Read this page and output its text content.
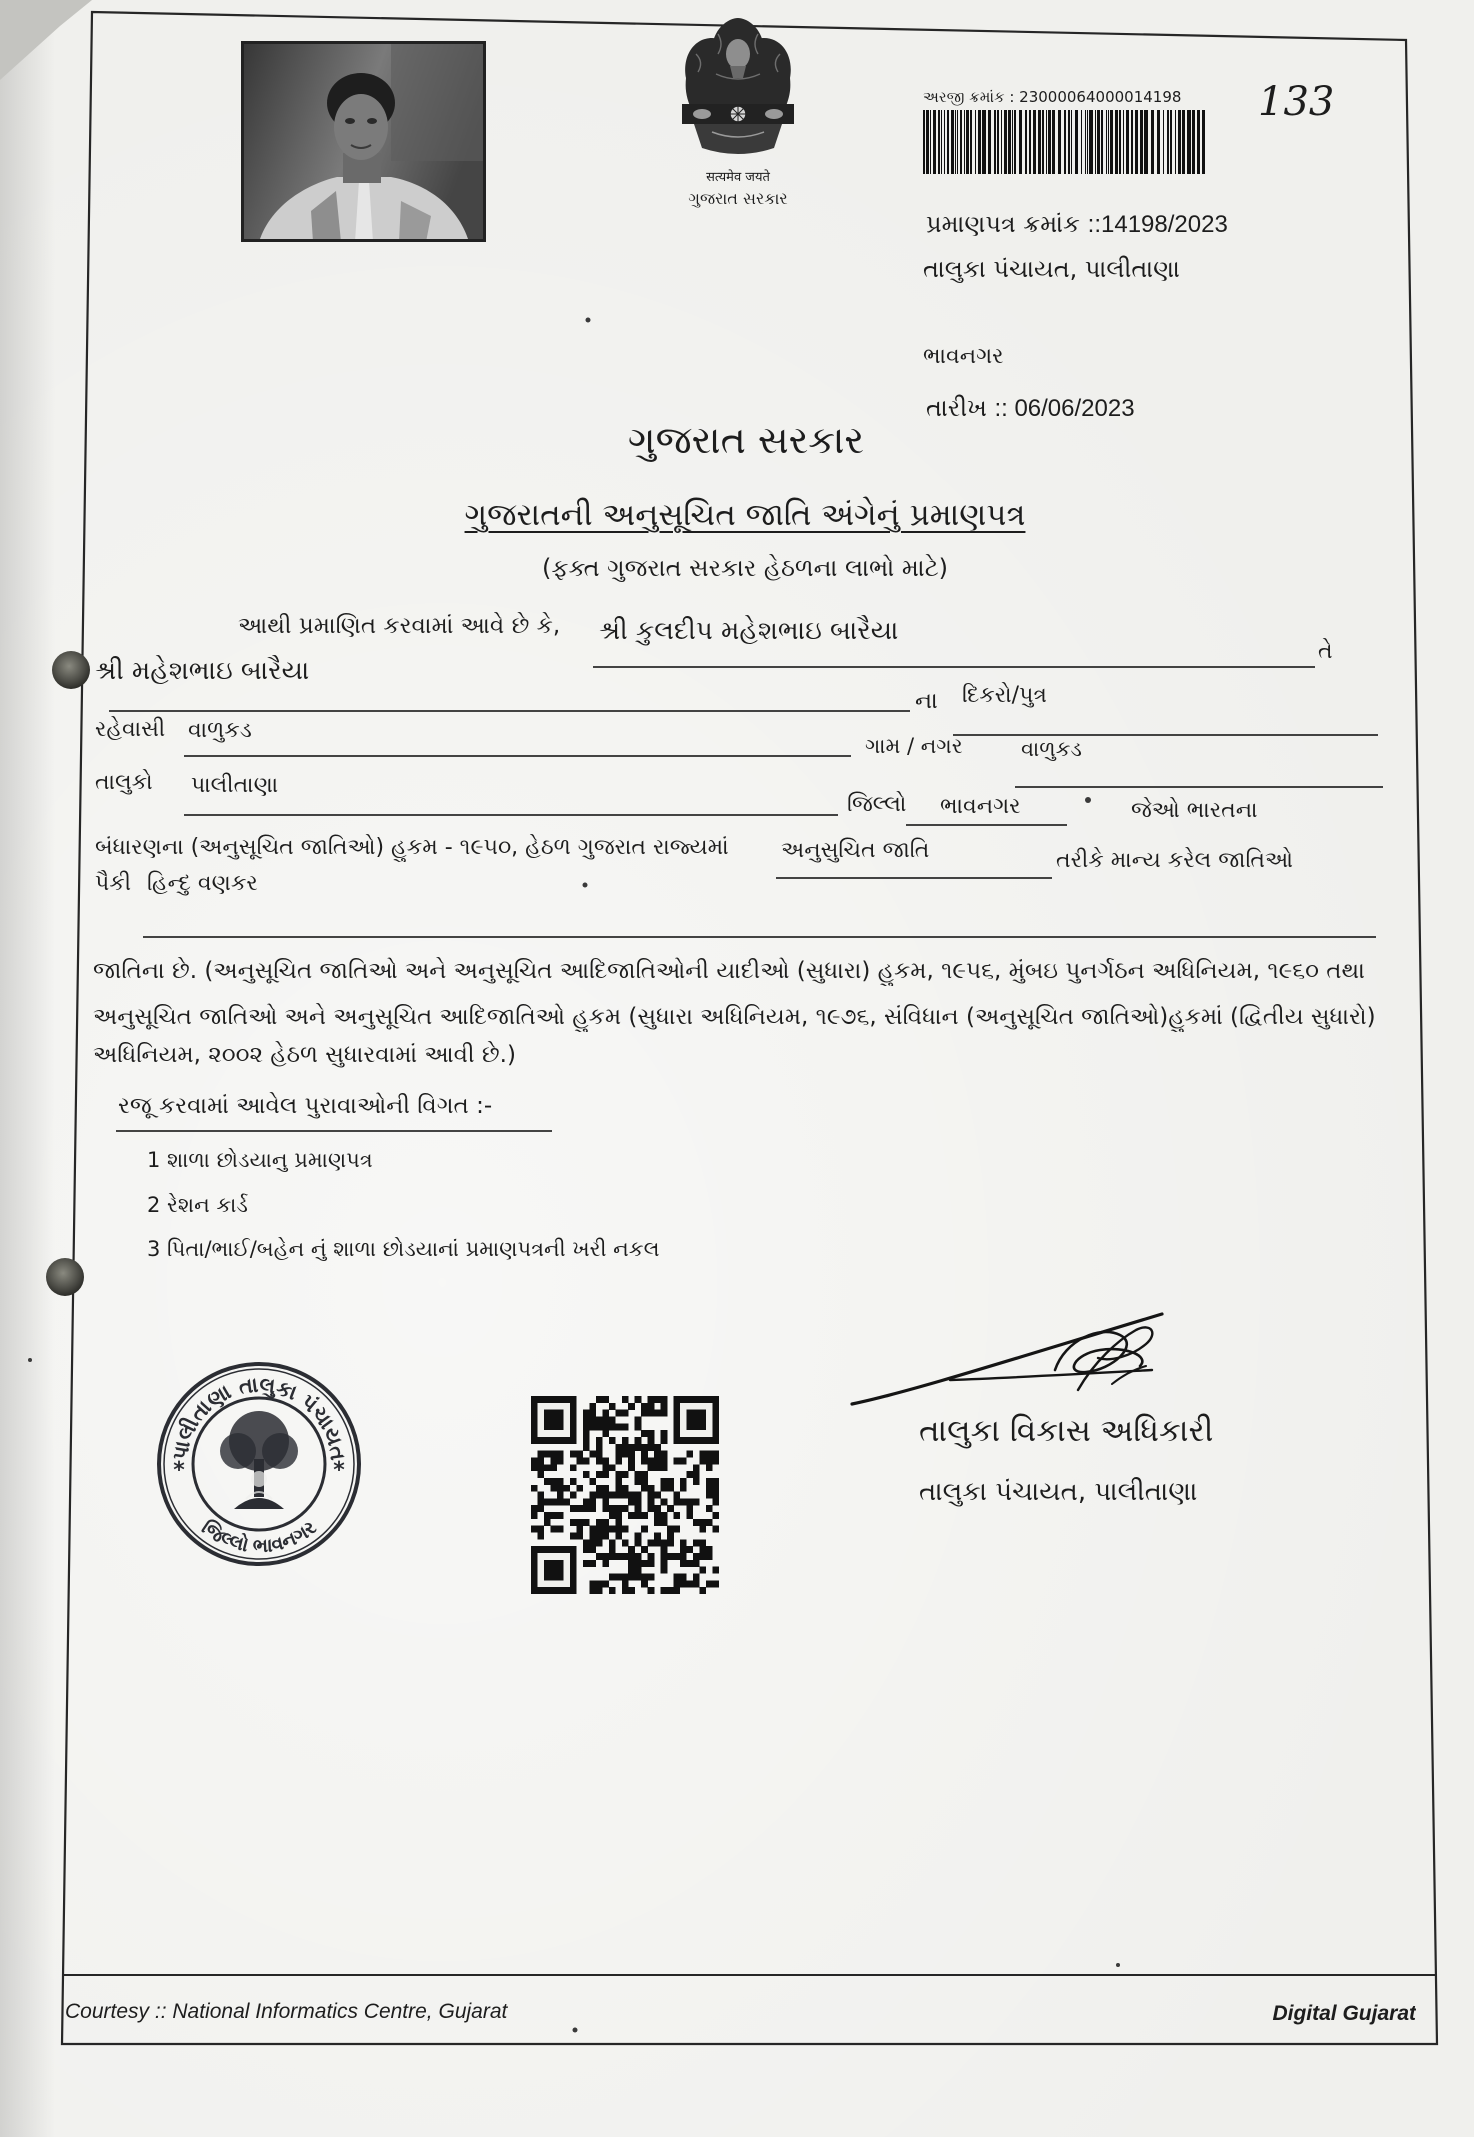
सत्यमेव जयते
ગુજરાત સરકાર
અરજી ક્રમાંક : 23000064000014198	133
પ્રમાણપત્ર ક્રમાંક ::14198/2023
તાલુકા પંચાયત, પાલીતાણા
ભાવનગર
તારીખ :: 06/06/2023
ગુજરાત સરકાર
ગુજરાતની અનુસૂચિત જાતિ અંગેનું પ્રમાણપત્ર
(ફક્ત ગુજરાત સરકાર હેઠળના લાભો માટે)
આથી પ્રમાણિત કરવામાં આવે છે કે,	શ્રી કુલદીપ મહેશભાઇ બારૈયા
તે
શ્રી મહેશભાઇ બારૈયા
ના	દિકરો/પુત્ર
રહેવાસી	વાળુકડ
ગામ / નગર	વાળુકડ
તાલુકો	પાલીતાણા
જિલ્લો	ભાવનગર	જેઓ ભારતના
બંધારણના (અનુસૂચિત જાતિઓ) હુકમ - ૧૯૫૦, હેઠળ ગુજરાત રાજ્યમાં	અનુસુચિત જાતિ	તરીકે માન્ય કરેલ જાતિઓ
પૈકી હિન્દુ વણકર
જાતિના છે. (અનુસૂચિત જાતિઓ અને અનુસૂચિત આદિજાતિઓની યાદીઓ (સુધારા) હુકમ, ૧૯૫૬, મુંબઇ પુનર્ગઠન અધિનિયમ, ૧૯૬૦ તથા
અનુસૂચિત જાતિઓ અને અનુસૂચિત આદિજાતિઓ હુકમ (સુધારા અધિનિયમ, ૧૯૭૬, સંવિધાન (અનુસૂચિત જાતિઓ)હુકમાં (દ્વિતીય સુધારો)
અધિનિયમ, ૨૦૦૨ હેઠળ સુધારવામાં આવી છે.)
રજૂ કરવામાં આવેલ પુરાવાઓની વિગત :-
1 શાળા છોડયાનુ પ્રમાણપત્ર
2 રેશન કાર્ડ
3 પિતા/ભાઈ/બહેન નું શાળા છોડયાનાં પ્રમાણપત્રની ખરી નકલ
પાલીતાણા તાલુકા પંચાયત
જિલ્લો ભાવનગર
*	*
તાલુકા વિકાસ અધિકારી
તાલુકા પંચાયત, પાલીતાણા
Courtesy :: National Informatics Centre, Gujarat	Digital Gujarat
